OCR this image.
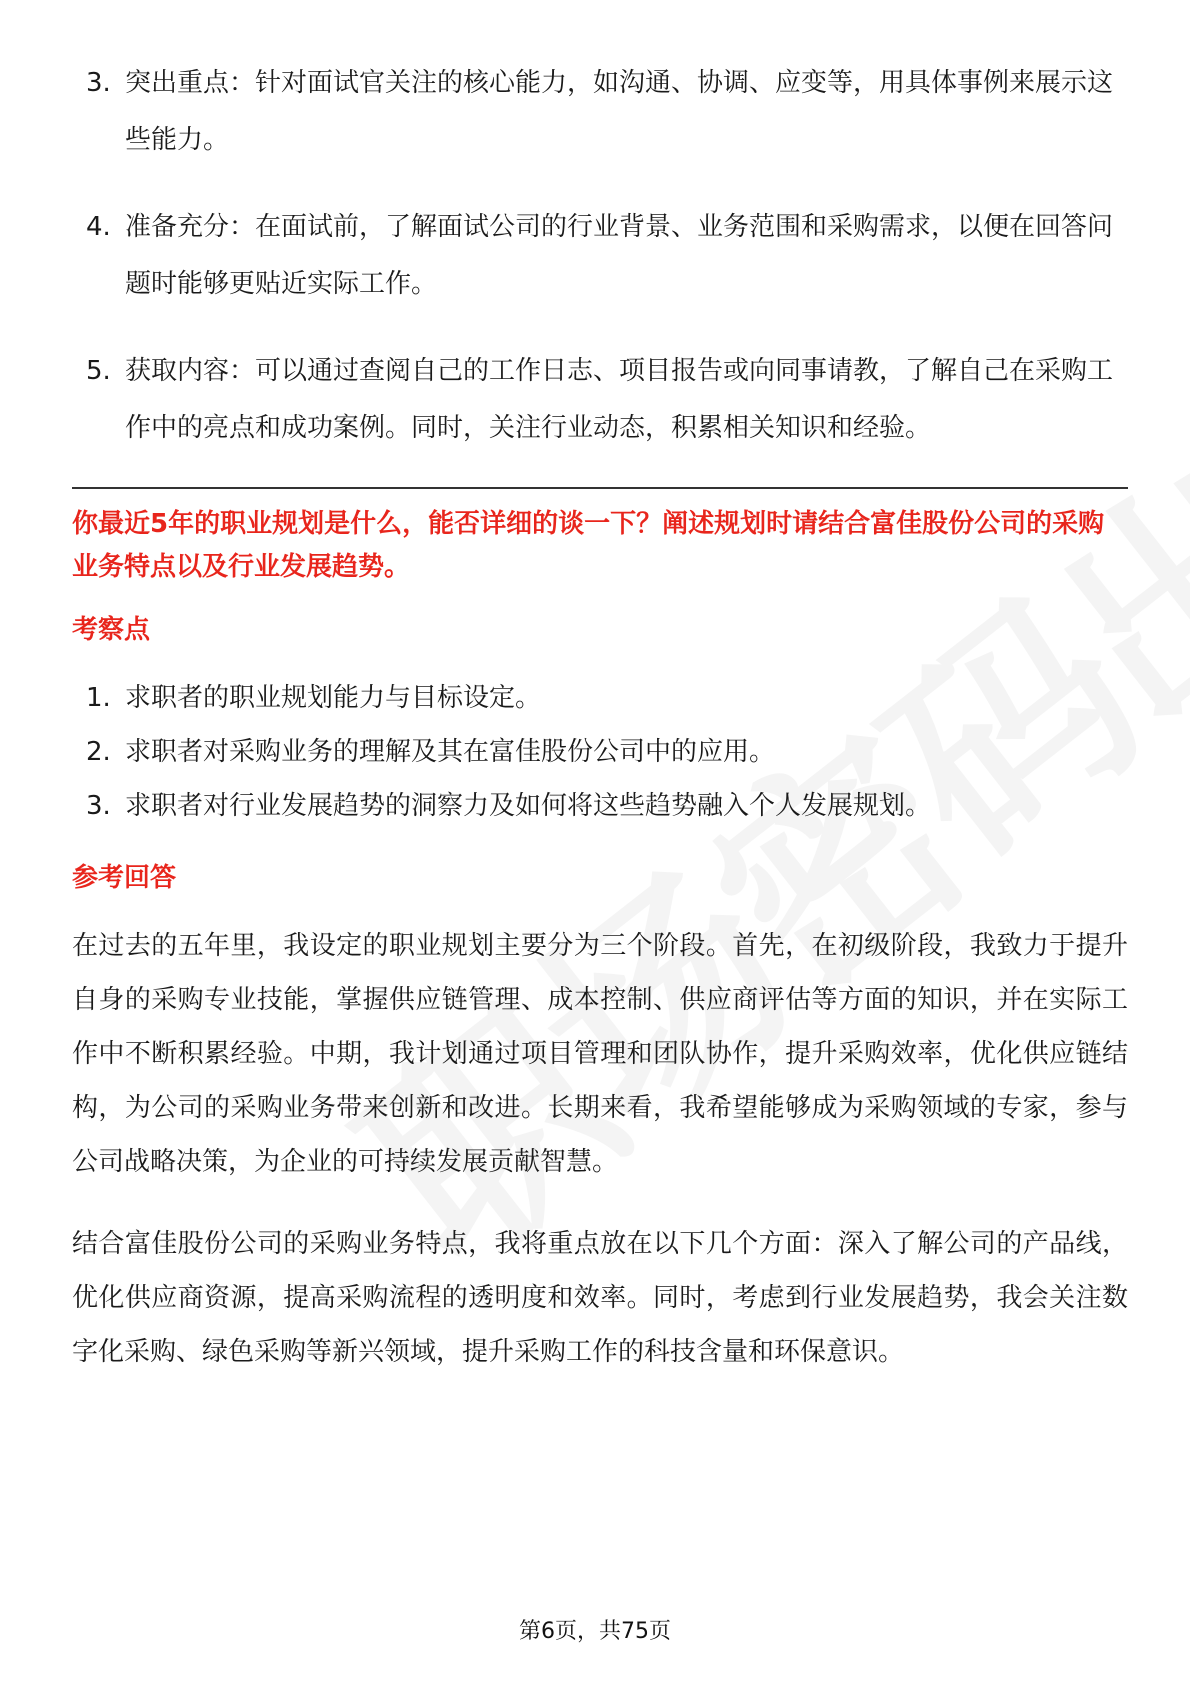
3. 突出重点：针对面试官关注的核心能力，如沟通、协调、应变等，用具体事例来展示这些能力。
4. 准备充分：在面试前，了解面试公司的行业背景、业务范围和采购需求，以便在回答问题时能够更贴近实际工作。
5. 获取内容：可以通过查阅自己的工作日志、项目报告或向同事请教，了解自己在采购工作中的亮点和成功案例。同时，关注行业动态，积累相关知识和经验。
你最近5年的职业规划是什么，能否详细的谈一下？阐述规划时请结合富佳股份公司的采购业务特点以及行业发展趋势。
考察点
1. 求职者的职业规划能力与目标设定。
2. 求职者对采购业务的理解及其在富佳股份公司中的应用。
3. 求职者对行业发展趋势的洞察力及如何将这些趋势融入个人发展规划。
参考回答

在过去的五年里，我设定的职业规划主要分为三个阶段。首先，在初级阶段，我致力于提升自身的采购专业技能，掌握供应链管理、成本控制、供应商评估等方面的知识，并在实际工作中不断积累经验。中期，我计划通过项目管理和团队协作，提升采购效率，优化供应链结构，为公司的采购业务带来创新和改进。长期来看，我希望能够成为采购领域的专家，参与公司战略决策，为企业的可持续发展贡献智慧。

结合富佳股份公司的采购业务特点，我将重点放在以下几个方面：深入了解公司的产品线，优化供应商资源，提高采购流程的透明度和效率。同时，考虑到行业发展趋势，我会关注数字化采购、绿色采购等新兴领域，提升采购工作的科技含量和环保意识。

第6页，共75页
